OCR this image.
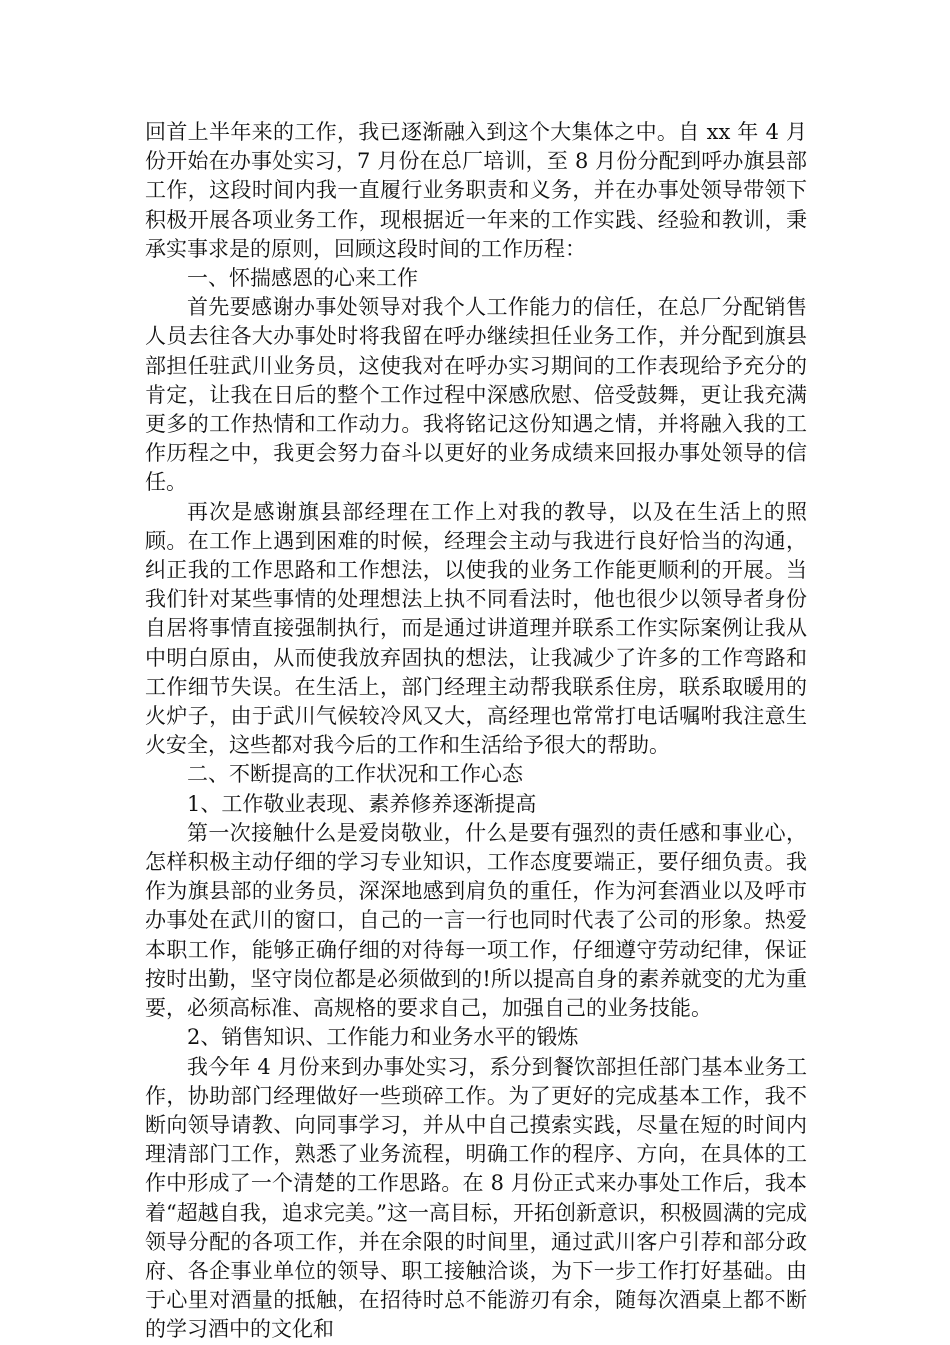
回首上半年来的工作，我已逐渐融入到这个大集体之中。自 xx 年 4 月份开始在办事处实习，7 月份在总厂培训，至 8 月份分配到呼办旗县部工作，这段时间内我一直履行业务职责和义务，并在办事处领导带领下积极开展各项业务工作，现根据近一年来的工作实践、经验和教训，秉承实事求是的原则，回顾这段时间的工作历程：

一、怀揣感恩的心来工作

首先要感谢办事处领导对我个人工作能力的信任，在总厂分配销售人员去往各大办事处时将我留在呼办继续担任业务工作，并分配到旗县部担任驻武川业务员，这使我对在呼办实习期间的工作表现给予充分的肯定，让我在日后的整个工作过程中深感欣慰、倍受鼓舞，更让我充满更多的工作热情和工作动力。我将铭记这份知遇之情，并将融入我的工作历程之中，我更会努力奋斗以更好的业务成绩来回报办事处领导的信任。

再次是感谢旗县部经理在工作上对我的教导，以及在生活上的照顾。在工作上遇到困难的时候，经理会主动与我进行良好恰当的沟通，纠正我的工作思路和工作想法，以使我的业务工作能更顺利的开展。当我们针对某些事情的处理想法上执不同看法时，他也很少以领导者身份自居将事情直接强制执行，而是通过讲道理并联系工作实际案例让我从中明白原由，从而使我放弃固执的想法，让我减少了许多的工作弯路和工作细节失误。在生活上，部门经理主动帮我联系住房，联系取暖用的火炉子，由于武川气候较冷风又大，高经理也常常打电话嘱咐我注意生火安全，这些都对我今后的工作和生活给予很大的帮助。

二、不断提高的工作状况和工作心态

1、工作敬业表现、素养修养逐渐提高

第一次接触什么是爱岗敬业，什么是要有强烈的责任感和事业心，怎样积极主动仔细的学习专业知识，工作态度要端正，要仔细负责。我作为旗县部的业务员，深深地感到肩负的重任，作为河套酒业以及呼市办事处在武川的窗口，自己的一言一行也同时代表了公司的形象。热爱本职工作，能够正确仔细的对待每一项工作，仔细遵守劳动纪律，保证按时出勤，坚守岗位都是必须做到的!所以提高自身的素养就变的尤为重要，必须高标准、高规格的要求自己，加强自己的业务技能。

2、销售知识、工作能力和业务水平的锻炼

我今年 4 月份来到办事处实习，系分到餐饮部担任部门基本业务工作，协助部门经理做好一些琐碎工作。为了更好的完成基本工作，我不断向领导请教、向同事学习，并从中自己摸索实践，尽量在短的时间内理清部门工作，熟悉了业务流程，明确工作的程序、方向，在具体的工作中形成了一个清楚的工作思路。在 8 月份正式来办事处工作后，我本着“超越自我，追求完美。”这一高目标，开拓创新意识，积极圆满的完成领导分配的各项工作，并在余限的时间里，通过武川客户引荐和部分政府、各企事业单位的领导、职工接触洽谈，为下一步工作打好基础。由于心里对酒量的抵触，在招待时总不能游刃有余，随每次酒桌上都不断的学习酒中的文化和
